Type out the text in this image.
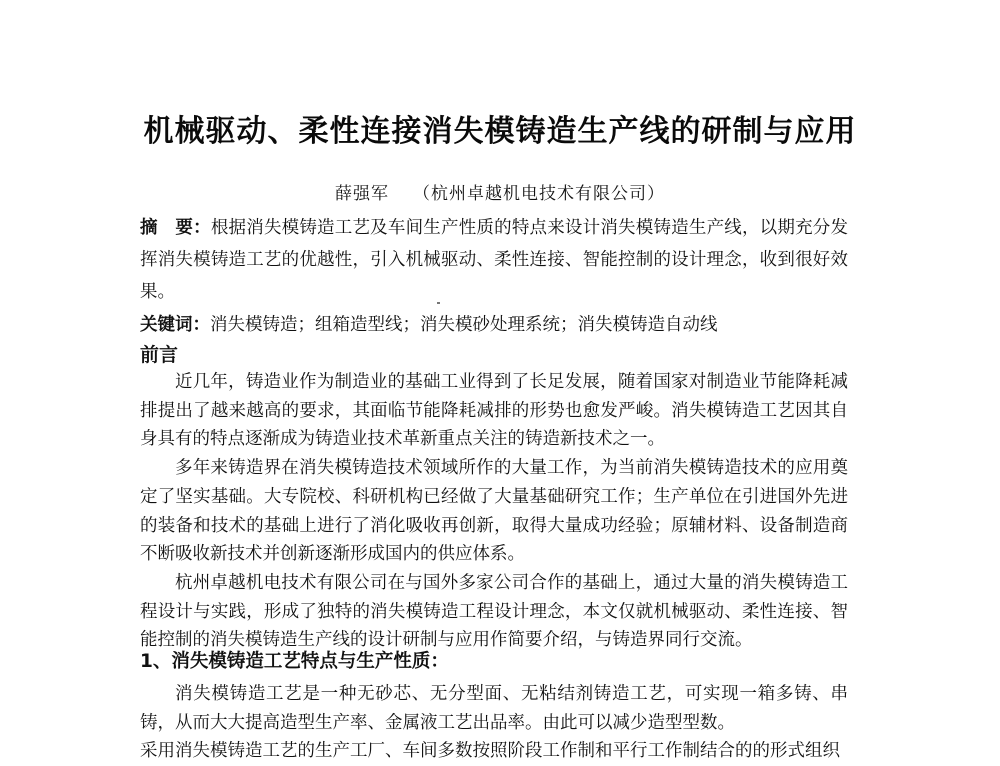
机械驱动、柔性连接消失模铸造生产线的研制与应用
薛强军 （杭州卓越机电技术有限公司）
摘　要：根据消失模铸造工艺及车间生产性质的特点来设计消失模铸造生产线，以期充分发挥消失模铸造工艺的优越性，引入机械驱动、柔性连接、智能控制的设计理念，收到很好效果。
关键词：消失模铸造；组箱造型线；消失模砂处理系统；消失模铸造自动线
前言

近几年，铸造业作为制造业的基础工业得到了长足发展，随着国家对制造业节能降耗减排提出了越来越高的要求，其面临节能降耗减排的形势也愈发严峻。消失模铸造工艺因其自身具有的特点逐渐成为铸造业技术革新重点关注的铸造新技术之一。

多年来铸造界在消失模铸造技术领域所作的大量工作，为当前消失模铸造技术的应用奠定了坚实基础。大专院校、科研机构已经做了大量基础研究工作；生产单位在引进国外先进的装备和技术的基础上进行了消化吸收再创新，取得大量成功经验；原辅材料、设备制造商不断吸收新技术并创新逐渐形成国内的供应体系。

杭州卓越机电技术有限公司在与国外多家公司合作的基础上，通过大量的消失模铸造工程设计与实践，形成了独特的消失模铸造工程设计理念，本文仅就机械驱动、柔性连接、智能控制的消失模铸造生产线的设计研制与应用作简要介绍，与铸造界同行交流。

1、消失模铸造工艺特点与生产性质：

消失模铸造工艺是一种无砂芯、无分型面、无粘结剂铸造工艺，可实现一箱多铸、串铸，从而大大提高造型生产率、金属液工艺出品率。由此可以减少造型型数。

采用消失模铸造工艺的生产工厂、车间多数按照阶段工作制和平行工作制结合的的形式组织
